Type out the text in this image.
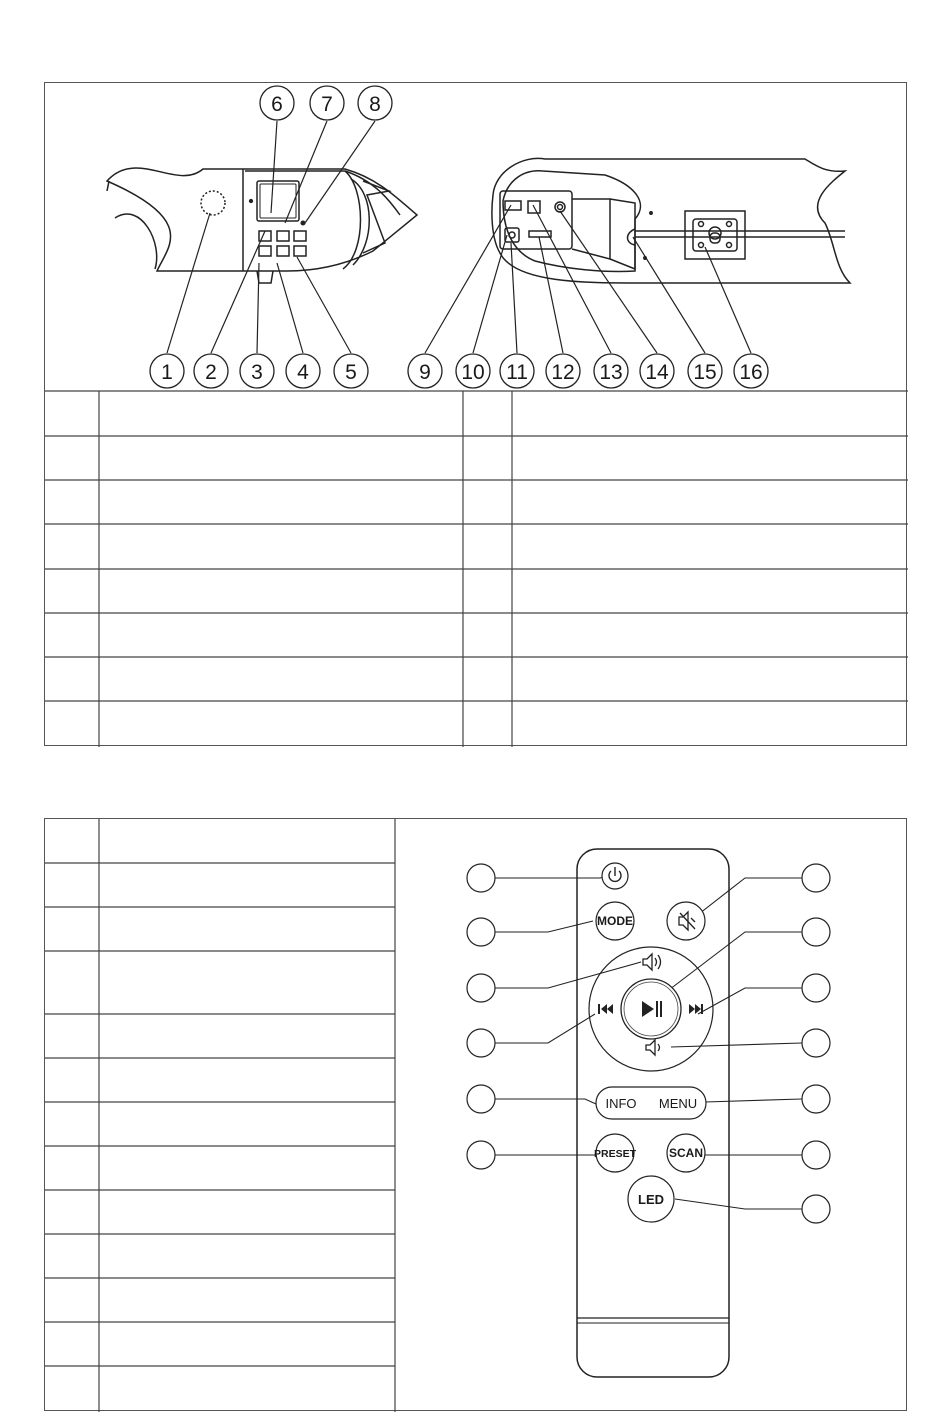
1 2 3 4 5
6 7 8
9 10 11 12 13 14 15 16
MODE
INFO MENU
PRESET	SCAN
LED
